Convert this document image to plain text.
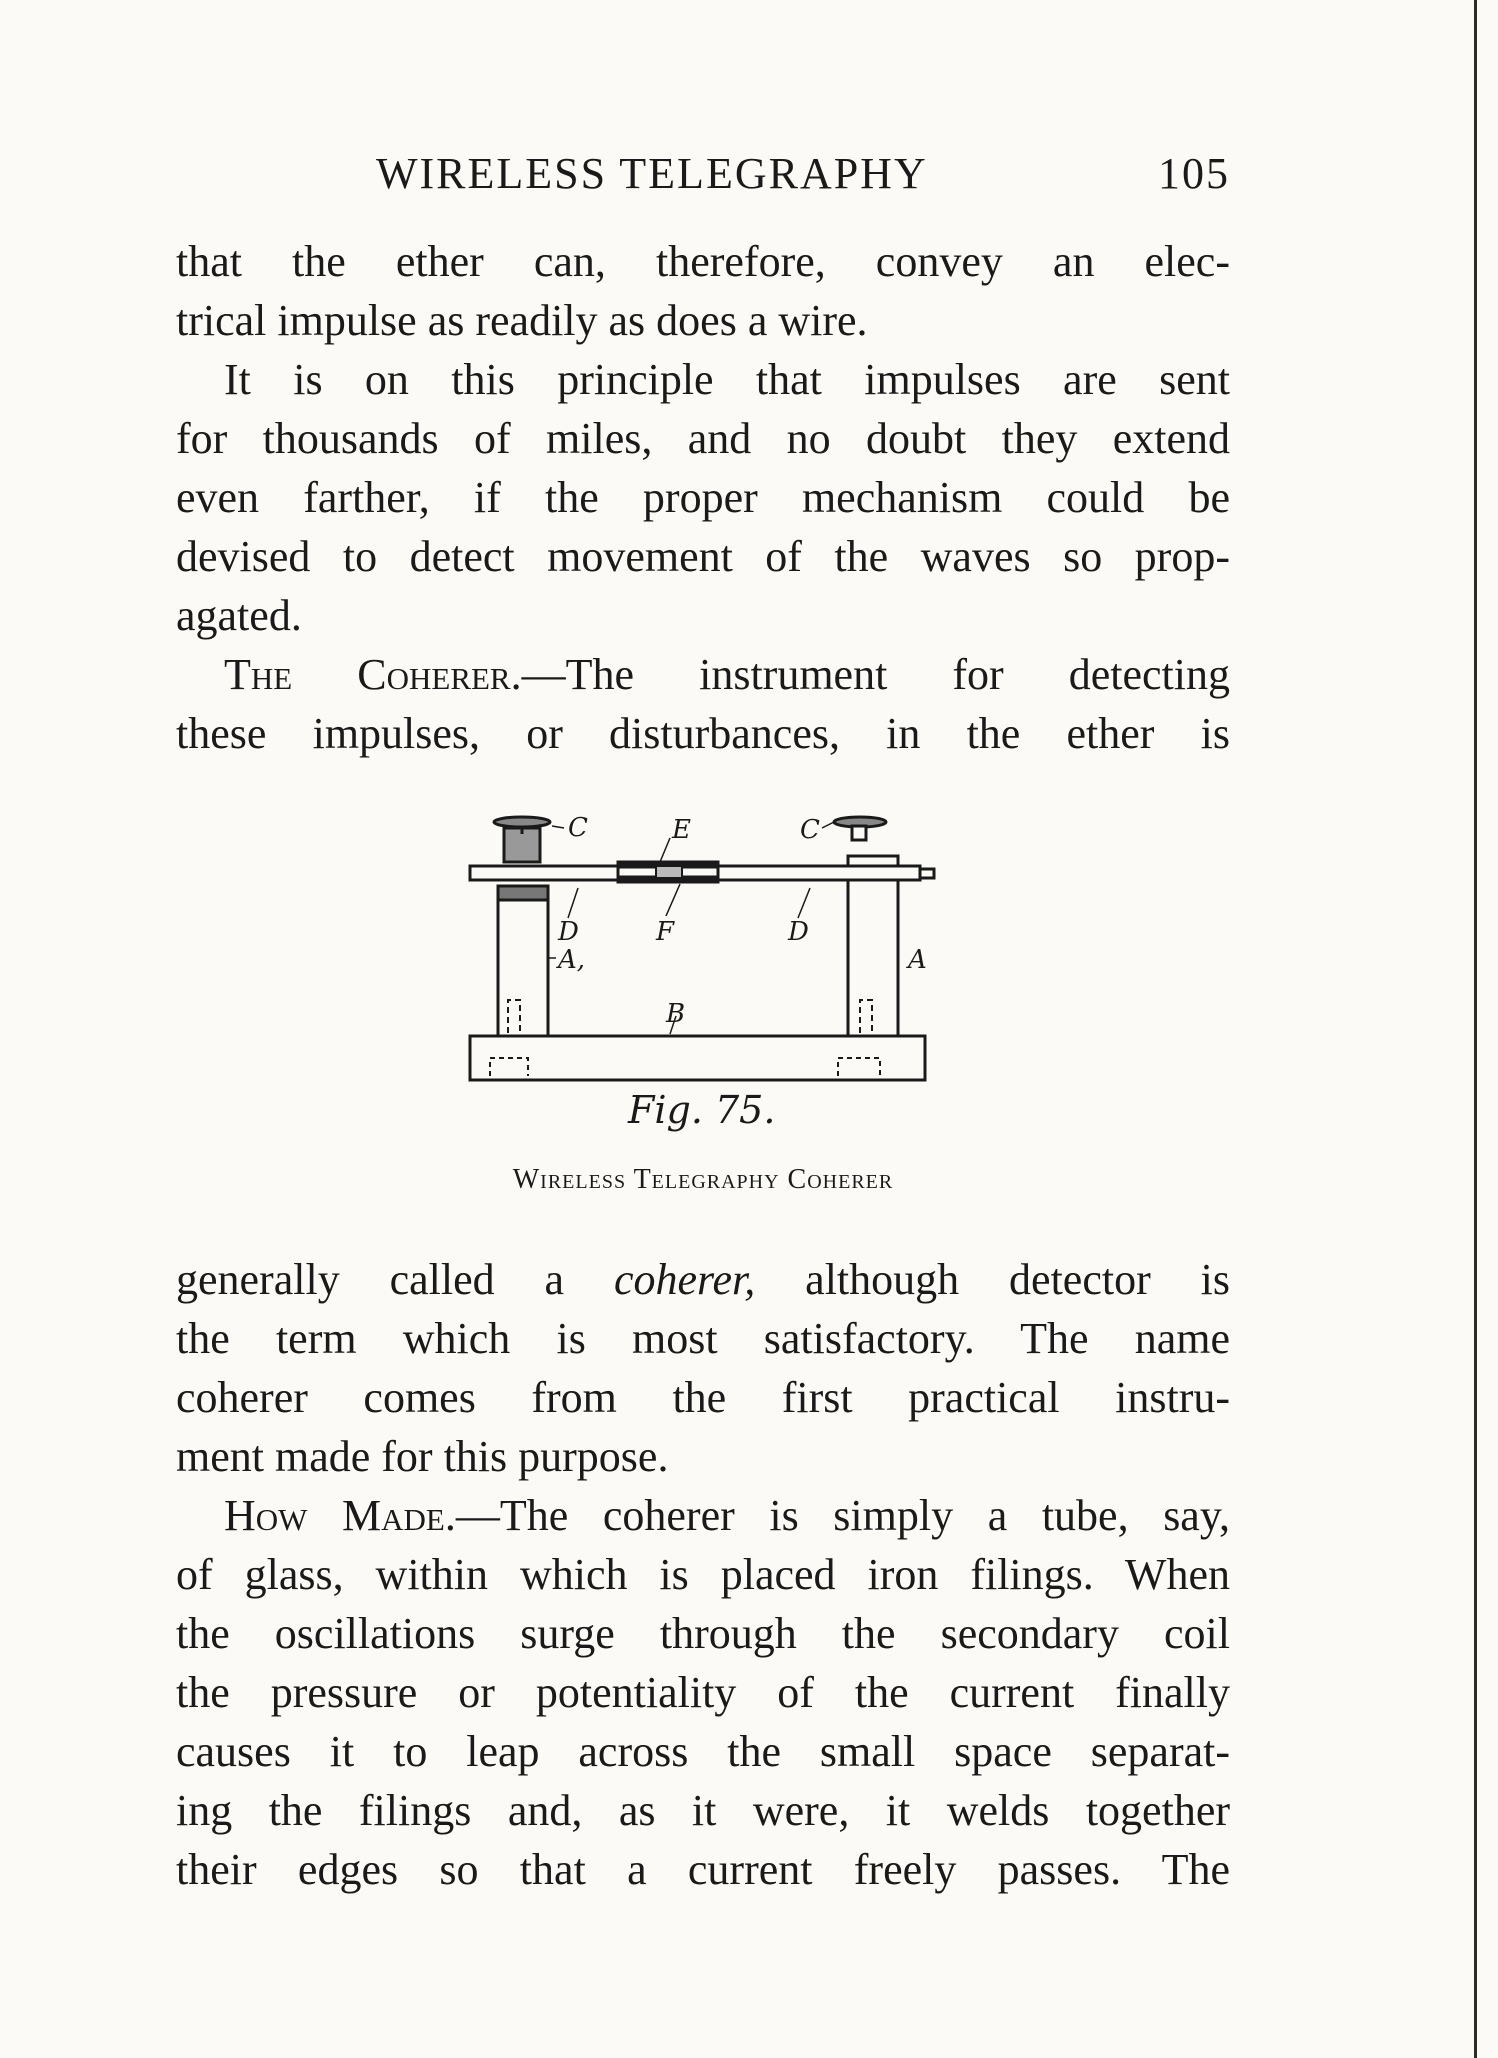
WIRELESS TELEGRAPHY	105

that the ether can, therefore, convey an elec-

trical impulse as readily as does a wire.

It is on this principle that impulses are sent

for thousands of miles, and no doubt they extend

even farther, if the proper mechanism could be

devised to detect movement of the waves so prop-

agated.

The Coherer.—The instrument for detecting

these impulses, or disturbances, in the ether is

C	E	C
D	F	D
A,	A
B
Fig. 75.
Wireless Telegraphy Coherer

generally called a coherer, although detector is

the term which is most satisfactory. The name

coherer comes from the first practical instru-

ment made for this purpose.

How Made.—The coherer is simply a tube, say,

of glass, within which is placed iron filings. When

the oscillations surge through the secondary coil

the pressure or potentiality of the current finally

causes it to leap across the small space separat-

ing the filings and, as it were, it welds together

their edges so that a current freely passes. The
